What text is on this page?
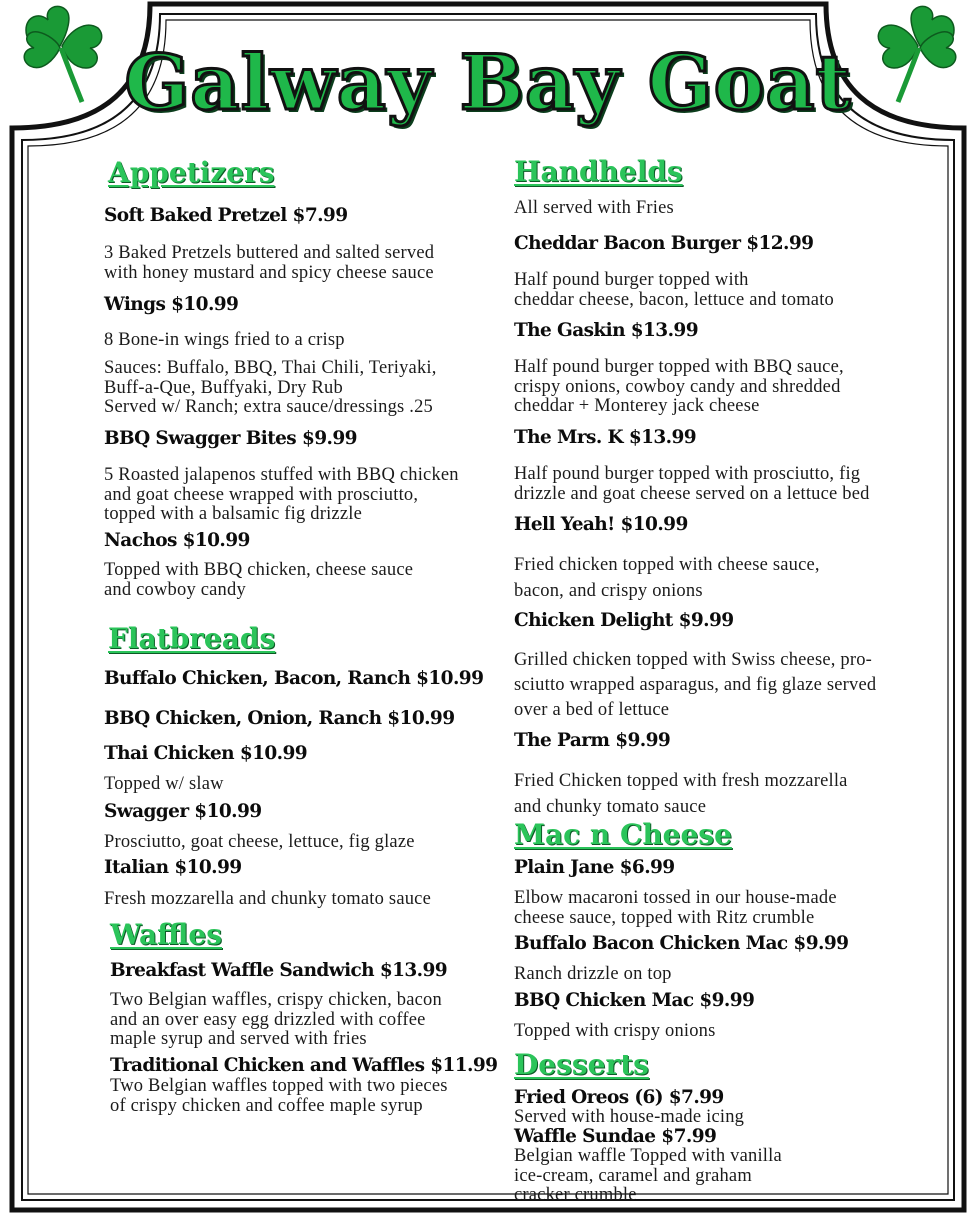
Galway Bay Goat
Appetizers
Soft Baked Pretzel $7.99
3 Baked Pretzels buttered and salted served
with honey mustard and spicy cheese sauce
Wings $10.99
8 Bone-in wings fried to a crisp
Sauces: Buffalo, BBQ, Thai Chili, Teriyaki,
Buff-a-Que, Buffyaki, Dry Rub
Served w/ Ranch; extra sauce/dressings .25
BBQ Swagger Bites $9.99
5 Roasted jalapenos stuffed with BBQ chicken
and goat cheese wrapped with prosciutto,
topped with a balsamic fig drizzle
Nachos $10.99
Topped with BBQ chicken, cheese sauce
and cowboy candy
Flatbreads
Buffalo Chicken, Bacon, Ranch $10.99
BBQ Chicken, Onion, Ranch $10.99
Thai Chicken $10.99
Topped w/ slaw
Swagger $10.99
Prosciutto, goat cheese, lettuce, fig glaze
Italian $10.99
Fresh mozzarella and chunky tomato sauce
Waffles
Breakfast Waffle Sandwich $13.99
Two Belgian waffles, crispy chicken, bacon
and an over easy egg drizzled with coffee
maple syrup and served with fries
Traditional Chicken and Waffles $11.99
Two Belgian waffles topped with two pieces
of crispy chicken and coffee maple syrup
Handhelds
All served with Fries
Cheddar Bacon Burger $12.99
Half pound burger topped with
cheddar cheese, bacon, lettuce and tomato
The Gaskin $13.99
Half pound burger topped with BBQ sauce,
crispy onions, cowboy candy and shredded
cheddar + Monterey jack cheese
The Mrs. K $13.99
Half pound burger topped with prosciutto, fig
drizzle and goat cheese served on a lettuce bed
Hell Yeah! $10.99
Fried chicken topped with cheese sauce,
bacon, and crispy onions
Chicken Delight $9.99
Grilled chicken topped with Swiss cheese, pro-
sciutto wrapped asparagus, and fig glaze served
over a bed of lettuce
The Parm $9.99
Fried Chicken topped with fresh mozzarella
and chunky tomato sauce
Mac n Cheese
Plain Jane $6.99
Elbow macaroni tossed in our house-made
cheese sauce, topped with Ritz crumble
Buffalo Bacon Chicken Mac $9.99
Ranch drizzle on top
BBQ Chicken Mac $9.99
Topped with crispy onions
Desserts
Fried Oreos (6) $7.99
Served with house-made icing
Waffle Sundae $7.99
Belgian waffle Topped with vanilla
ice-cream, caramel and graham
cracker crumble
